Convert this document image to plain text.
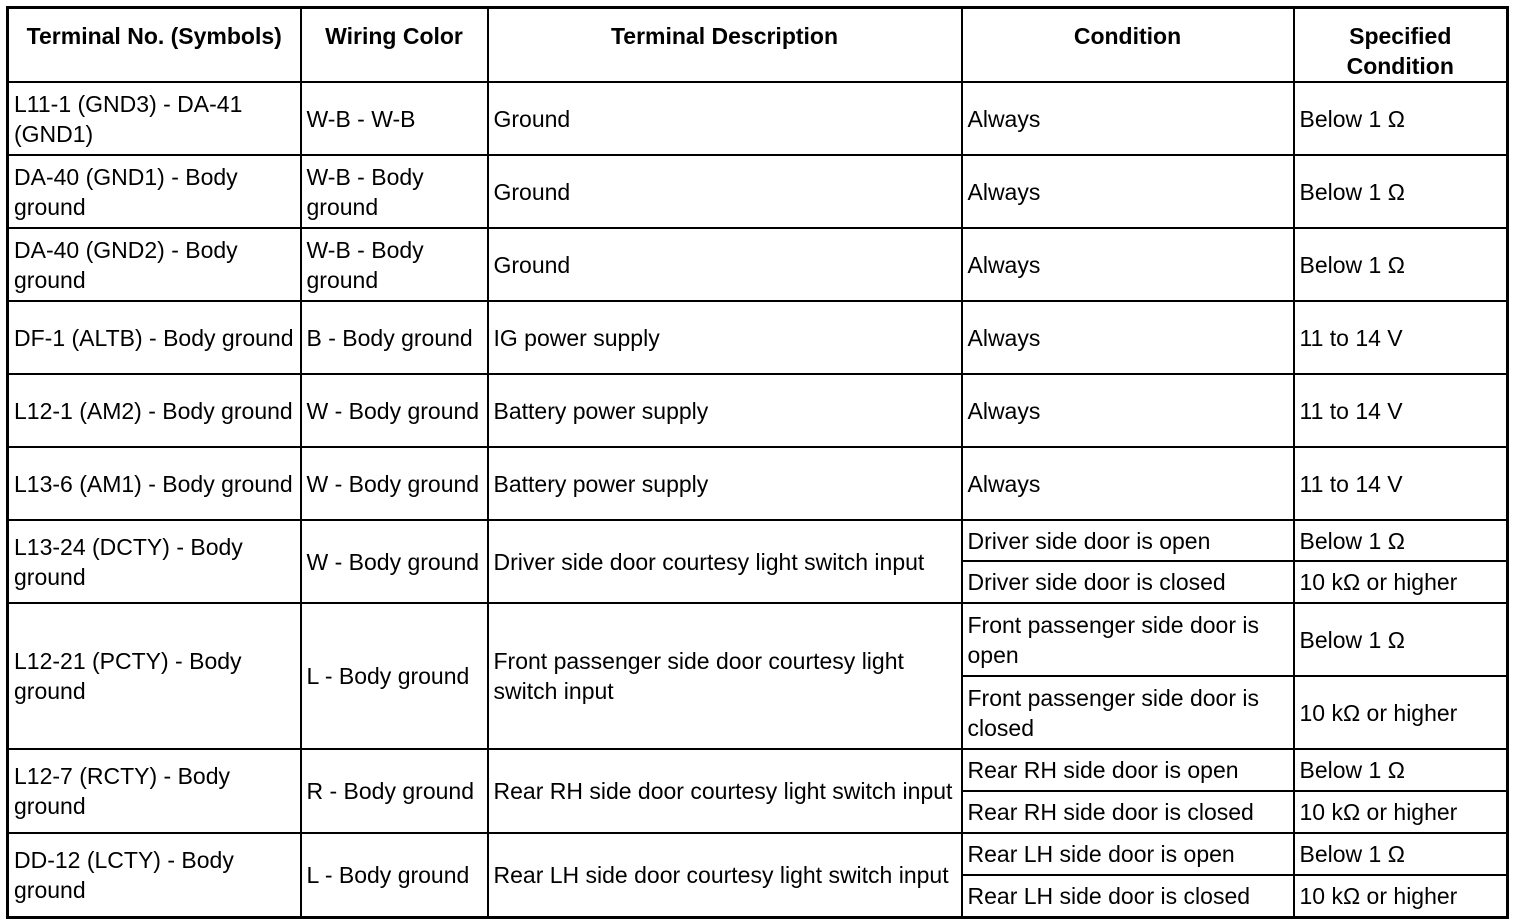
Terminal No. (Symbols)	Wiring Color	Terminal Description	Condition	Specified Condition
L11-1 (GND3) - DA-41 (GND1)	W-B - W-B	Ground	Always	Below 1 Ω
DA-40 (GND1) - Body ground	W-B - Body ground	Ground	Always	Below 1 Ω
DA-40 (GND2) - Body ground	W-B - Body ground	Ground	Always	Below 1 Ω
DF-1 (ALTB) - Body ground	B - Body ground	IG power supply	Always	11 to 14 V
L12-1 (AM2) - Body ground	W - Body ground	Battery power supply	Always	11 to 14 V
L13-6 (AM1) - Body ground	W - Body ground	Battery power supply	Always	11 to 14 V
L13-24 (DCTY) - Body ground	W - Body ground	Driver side door courtesy light switch input	Driver side door is open	Below 1 Ω
			Driver side door is closed	10 kΩ or higher
L12-21 (PCTY) - Body ground	L - Body ground	Front passenger side door courtesy light switch input	Front passenger side door is open	Below 1 Ω
			Front passenger side door is closed	10 kΩ or higher
L12-7 (RCTY) - Body ground	R - Body ground	Rear RH side door courtesy light switch input	Rear RH side door is open	Below 1 Ω
			Rear RH side door is closed	10 kΩ or higher
DD-12 (LCTY) - Body ground	L - Body ground	Rear LH side door courtesy light switch input	Rear LH side door is open	Below 1 Ω
			Rear LH side door is closed	10 kΩ or higher
